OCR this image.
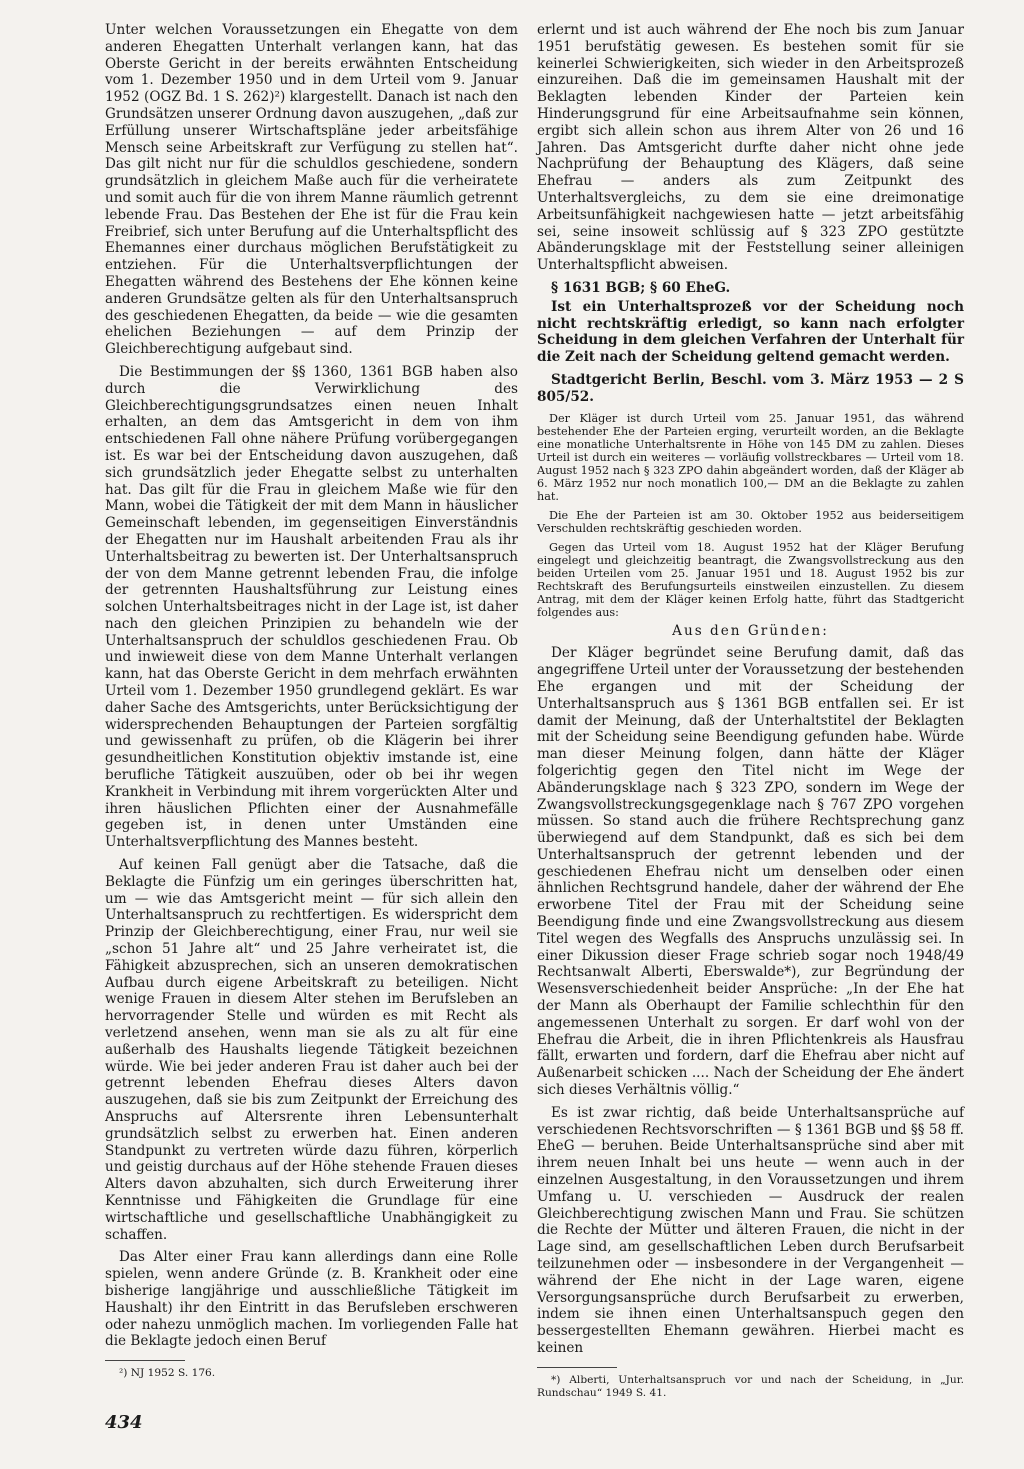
Unter welchen Voraussetzungen ein Ehegatte von dem anderen Ehegatten Unterhalt verlangen kann, hat das Oberste Gericht in der bereits erwähnten Entscheidung vom 1. Dezember 1950 und in dem Urteil vom 9. Januar 1952 (OGZ Bd. 1 S. 262)²) klargestellt. Danach ist nach den Grundsätzen unserer Ordnung davon auszugehen, „daß zur Erfüllung unserer Wirtschaftspläne jeder arbeitsfähige Mensch seine Arbeitskraft zur Verfügung zu stellen hat“. Das gilt nicht nur für die schuldlos geschiedene, sondern grundsätzlich in gleichem Maße auch für die verheiratete und somit auch für die von ihrem Manne räumlich getrennt lebende Frau. Das Bestehen der Ehe ist für die Frau kein Freibrief, sich unter Berufung auf die Unterhaltspflicht des Ehemannes einer durchaus möglichen Berufstätigkeit zu entziehen. Für die Unterhaltsverpflichtungen der Ehegatten während des Bestehens der Ehe können keine anderen Grundsätze gelten als für den Unterhaltsanspruch des geschiedenen Ehegatten, da beide — wie die gesamten ehelichen Beziehungen — auf dem Prinzip der Gleichberechtigung aufgebaut sind.

Die Bestimmungen der §§ 1360, 1361 BGB haben also durch die Verwirklichung des Gleichberechtigungsgrundsatzes einen neuen Inhalt erhalten, an dem das Amtsgericht in dem von ihm entschiedenen Fall ohne nähere Prüfung vorübergegangen ist. Es war bei der Entscheidung davon auszugehen, daß sich grundsätzlich jeder Ehegatte selbst zu unterhalten hat. Das gilt für die Frau in gleichem Maße wie für den Mann, wobei die Tätigkeit der mit dem Mann in häuslicher Gemeinschaft lebenden, im gegenseitigen Einverständnis der Ehegatten nur im Haushalt arbeitenden Frau als ihr Unterhaltsbeitrag zu bewerten ist. Der Unterhaltsanspruch der von dem Manne getrennt lebenden Frau, die infolge der getrennten Haushaltsführung zur Leistung eines solchen Unterhaltsbeitrages nicht in der Lage ist, ist daher nach den gleichen Prinzipien zu behandeln wie der Unterhaltsanspruch der schuldlos geschiedenen Frau. Ob und inwieweit diese von dem Manne Unterhalt verlangen kann, hat das Oberste Gericht in dem mehrfach erwähnten Urteil vom 1. Dezember 1950 grundlegend geklärt. Es war daher Sache des Amtsgerichts, unter Berücksichtigung der widersprechenden Behauptungen der Parteien sorgfältig und gewissenhaft zu prüfen, ob die Klägerin bei ihrer gesundheitlichen Konstitution objektiv imstande ist, eine berufliche Tätigkeit auszuüben, oder ob bei ihr wegen Krankheit in Verbindung mit ihrem vorgerückten Alter und ihren häuslichen Pflichten einer der Ausnahmefälle gegeben ist, in denen unter Umständen eine Unterhaltsverpflichtung des Mannes besteht.

Auf keinen Fall genügt aber die Tatsache, daß die Beklagte die Fünfzig um ein geringes überschritten hat, um — wie das Amtsgericht meint — für sich allein den Unterhaltsanspruch zu rechtfertigen. Es widerspricht dem Prinzip der Gleichberechtigung, einer Frau, nur weil sie „schon 51 Jahre alt“ und 25 Jahre verheiratet ist, die Fähigkeit abzusprechen, sich an unseren demokratischen Aufbau durch eigene Arbeitskraft zu beteiligen. Nicht wenige Frauen in diesem Alter stehen im Berufsleben an hervorragender Stelle und würden es mit Recht als verletzend ansehen, wenn man sie als zu alt für eine außerhalb des Haushalts liegende Tätigkeit bezeichnen würde. Wie bei jeder anderen Frau ist daher auch bei der getrennt lebenden Ehefrau dieses Alters davon auszugehen, daß sie bis zum Zeitpunkt der Erreichung des Anspruchs auf Altersrente ihren Lebensunterhalt grundsätzlich selbst zu erwerben hat. Einen anderen Standpunkt zu vertreten würde dazu führen, körperlich und geistig durchaus auf der Höhe stehende Frauen dieses Alters davon abzuhalten, sich durch Erweiterung ihrer Kenntnisse und Fähigkeiten die Grundlage für eine wirtschaftliche und gesellschaftliche Unabhängigkeit zu schaffen.

Das Alter einer Frau kann allerdings dann eine Rolle spielen, wenn andere Gründe (z. B. Krankheit oder eine bisherige langjährige und ausschließliche Tätigkeit im Haushalt) ihr den Eintritt in das Berufsleben erschweren oder nahezu unmöglich machen. Im vorliegenden Falle hat die Beklagte jedoch einen Beruf

²) NJ 1952 S. 176.

erlernt und ist auch während der Ehe noch bis zum Januar 1951 berufstätig gewesen. Es bestehen somit für sie keinerlei Schwierigkeiten, sich wieder in den Arbeitsprozeß einzureihen. Daß die im gemeinsamen Haushalt mit der Beklagten lebenden Kinder der Parteien kein Hinderungsgrund für eine Arbeitsaufnahme sein können, ergibt sich allein schon aus ihrem Alter von 26 und 16 Jahren. Das Amtsgericht durfte daher nicht ohne jede Nachprüfung der Behauptung des Klägers, daß seine Ehefrau — anders als zum Zeitpunkt des Unterhaltsvergleichs, zu dem sie eine dreimonatige Arbeitsunfähigkeit nachgewiesen hatte — jetzt arbeitsfähig sei, seine insoweit schlüssig auf § 323 ZPO gestützte Abänderungsklage mit der Feststellung seiner alleinigen Unterhaltspflicht abweisen.

§ 1631 BGB; § 60 EheG.

Ist ein Unterhaltsprozeß vor der Scheidung noch nicht rechtskräftig erledigt, so kann nach erfolgter Scheidung in dem gleichen Verfahren der Unterhalt für die Zeit nach der Scheidung geltend gemacht werden.

Stadtgericht Berlin, Beschl. vom 3. März 1953 — 2 S 805/52.

Der Kläger ist durch Urteil vom 25. Januar 1951, das während bestehender Ehe der Parteien erging, verurteilt worden, an die Beklagte eine monatliche Unterhaltsrente in Höhe von 145 DM zu zahlen. Dieses Urteil ist durch ein weiteres — vorläufig vollstreckbares — Urteil vom 18. August 1952 nach § 323 ZPO dahin abgeändert worden, daß der Kläger ab 6. März 1952 nur noch monatlich 100,— DM an die Beklagte zu zahlen hat.

Die Ehe der Parteien ist am 30. Oktober 1952 aus beiderseitigem Verschulden rechtskräftig geschieden worden.

Gegen das Urteil vom 18. August 1952 hat der Kläger Berufung eingelegt und gleichzeitig beantragt, die Zwangsvollstreckung aus den beiden Urteilen vom 25. Januar 1951 und 18. August 1952 bis zur Rechtskraft des Berufungsurteils einstweilen einzustellen. Zu diesem Antrag, mit dem der Kläger keinen Erfolg hatte, führt das Stadtgericht folgendes aus:

Aus den Gründen:

Der Kläger begründet seine Berufung damit, daß das angegriffene Urteil unter der Voraussetzung der bestehenden Ehe ergangen und mit der Scheidung der Unterhaltsanspruch aus § 1361 BGB entfallen sei. Er ist damit der Meinung, daß der Unterhaltstitel der Beklagten mit der Scheidung seine Beendigung gefunden habe. Würde man dieser Meinung folgen, dann hätte der Kläger folgerichtig gegen den Titel nicht im Wege der Abänderungsklage nach § 323 ZPO, sondern im Wege der Zwangsvollstreckungsgegenklage nach § 767 ZPO vorgehen müssen. So stand auch die frühere Rechtsprechung ganz überwiegend auf dem Standpunkt, daß es sich bei dem Unterhaltsanspruch der getrennt lebenden und der geschiedenen Ehefrau nicht um denselben oder einen ähnlichen Rechtsgrund handele, daher der während der Ehe erworbene Titel der Frau mit der Scheidung seine Beendigung finde und eine Zwangsvollstreckung aus diesem Titel wegen des Wegfalls des Anspruchs unzulässig sei. In einer Dikussion dieser Frage schrieb sogar noch 1948/49 Rechtsanwalt Alberti, Eberswalde*), zur Begründung der Wesensverschiedenheit beider Ansprüche: „In der Ehe hat der Mann als Oberhaupt der Familie schlechthin für den angemessenen Unterhalt zu sorgen. Er darf wohl von der Ehefrau die Arbeit, die in ihren Pflichtenkreis als Hausfrau fällt, erwarten und fordern, darf die Ehefrau aber nicht auf Außenarbeit schicken .... Nach der Scheidung der Ehe ändert sich dieses Verhältnis völlig.“

Es ist zwar richtig, daß beide Unterhaltsansprüche auf verschiedenen Rechtsvorschriften — § 1361 BGB und §§ 58 ff. EheG — beruhen. Beide Unterhaltsansprüche sind aber mit ihrem neuen Inhalt bei uns heute — wenn auch in der einzelnen Ausgestaltung, in den Voraussetzungen und ihrem Umfang u. U. verschieden — Ausdruck der realen Gleichberechtigung zwischen Mann und Frau. Sie schützen die Rechte der Mütter und älteren Frauen, die nicht in der Lage sind, am gesellschaftlichen Leben durch Berufsarbeit teilzunehmen oder — insbesondere in der Vergangenheit — während der Ehe nicht in der Lage waren, eigene Versorgungsansprüche durch Berufsarbeit zu erwerben, indem sie ihnen einen Unterhaltsanspuch gegen den bessergestellten Ehemann gewähren. Hierbei macht es keinen

*) Alberti, Unterhaltsanspruch vor und nach der Scheidung, in „Jur. Rundschau“ 1949 S. 41.

434
